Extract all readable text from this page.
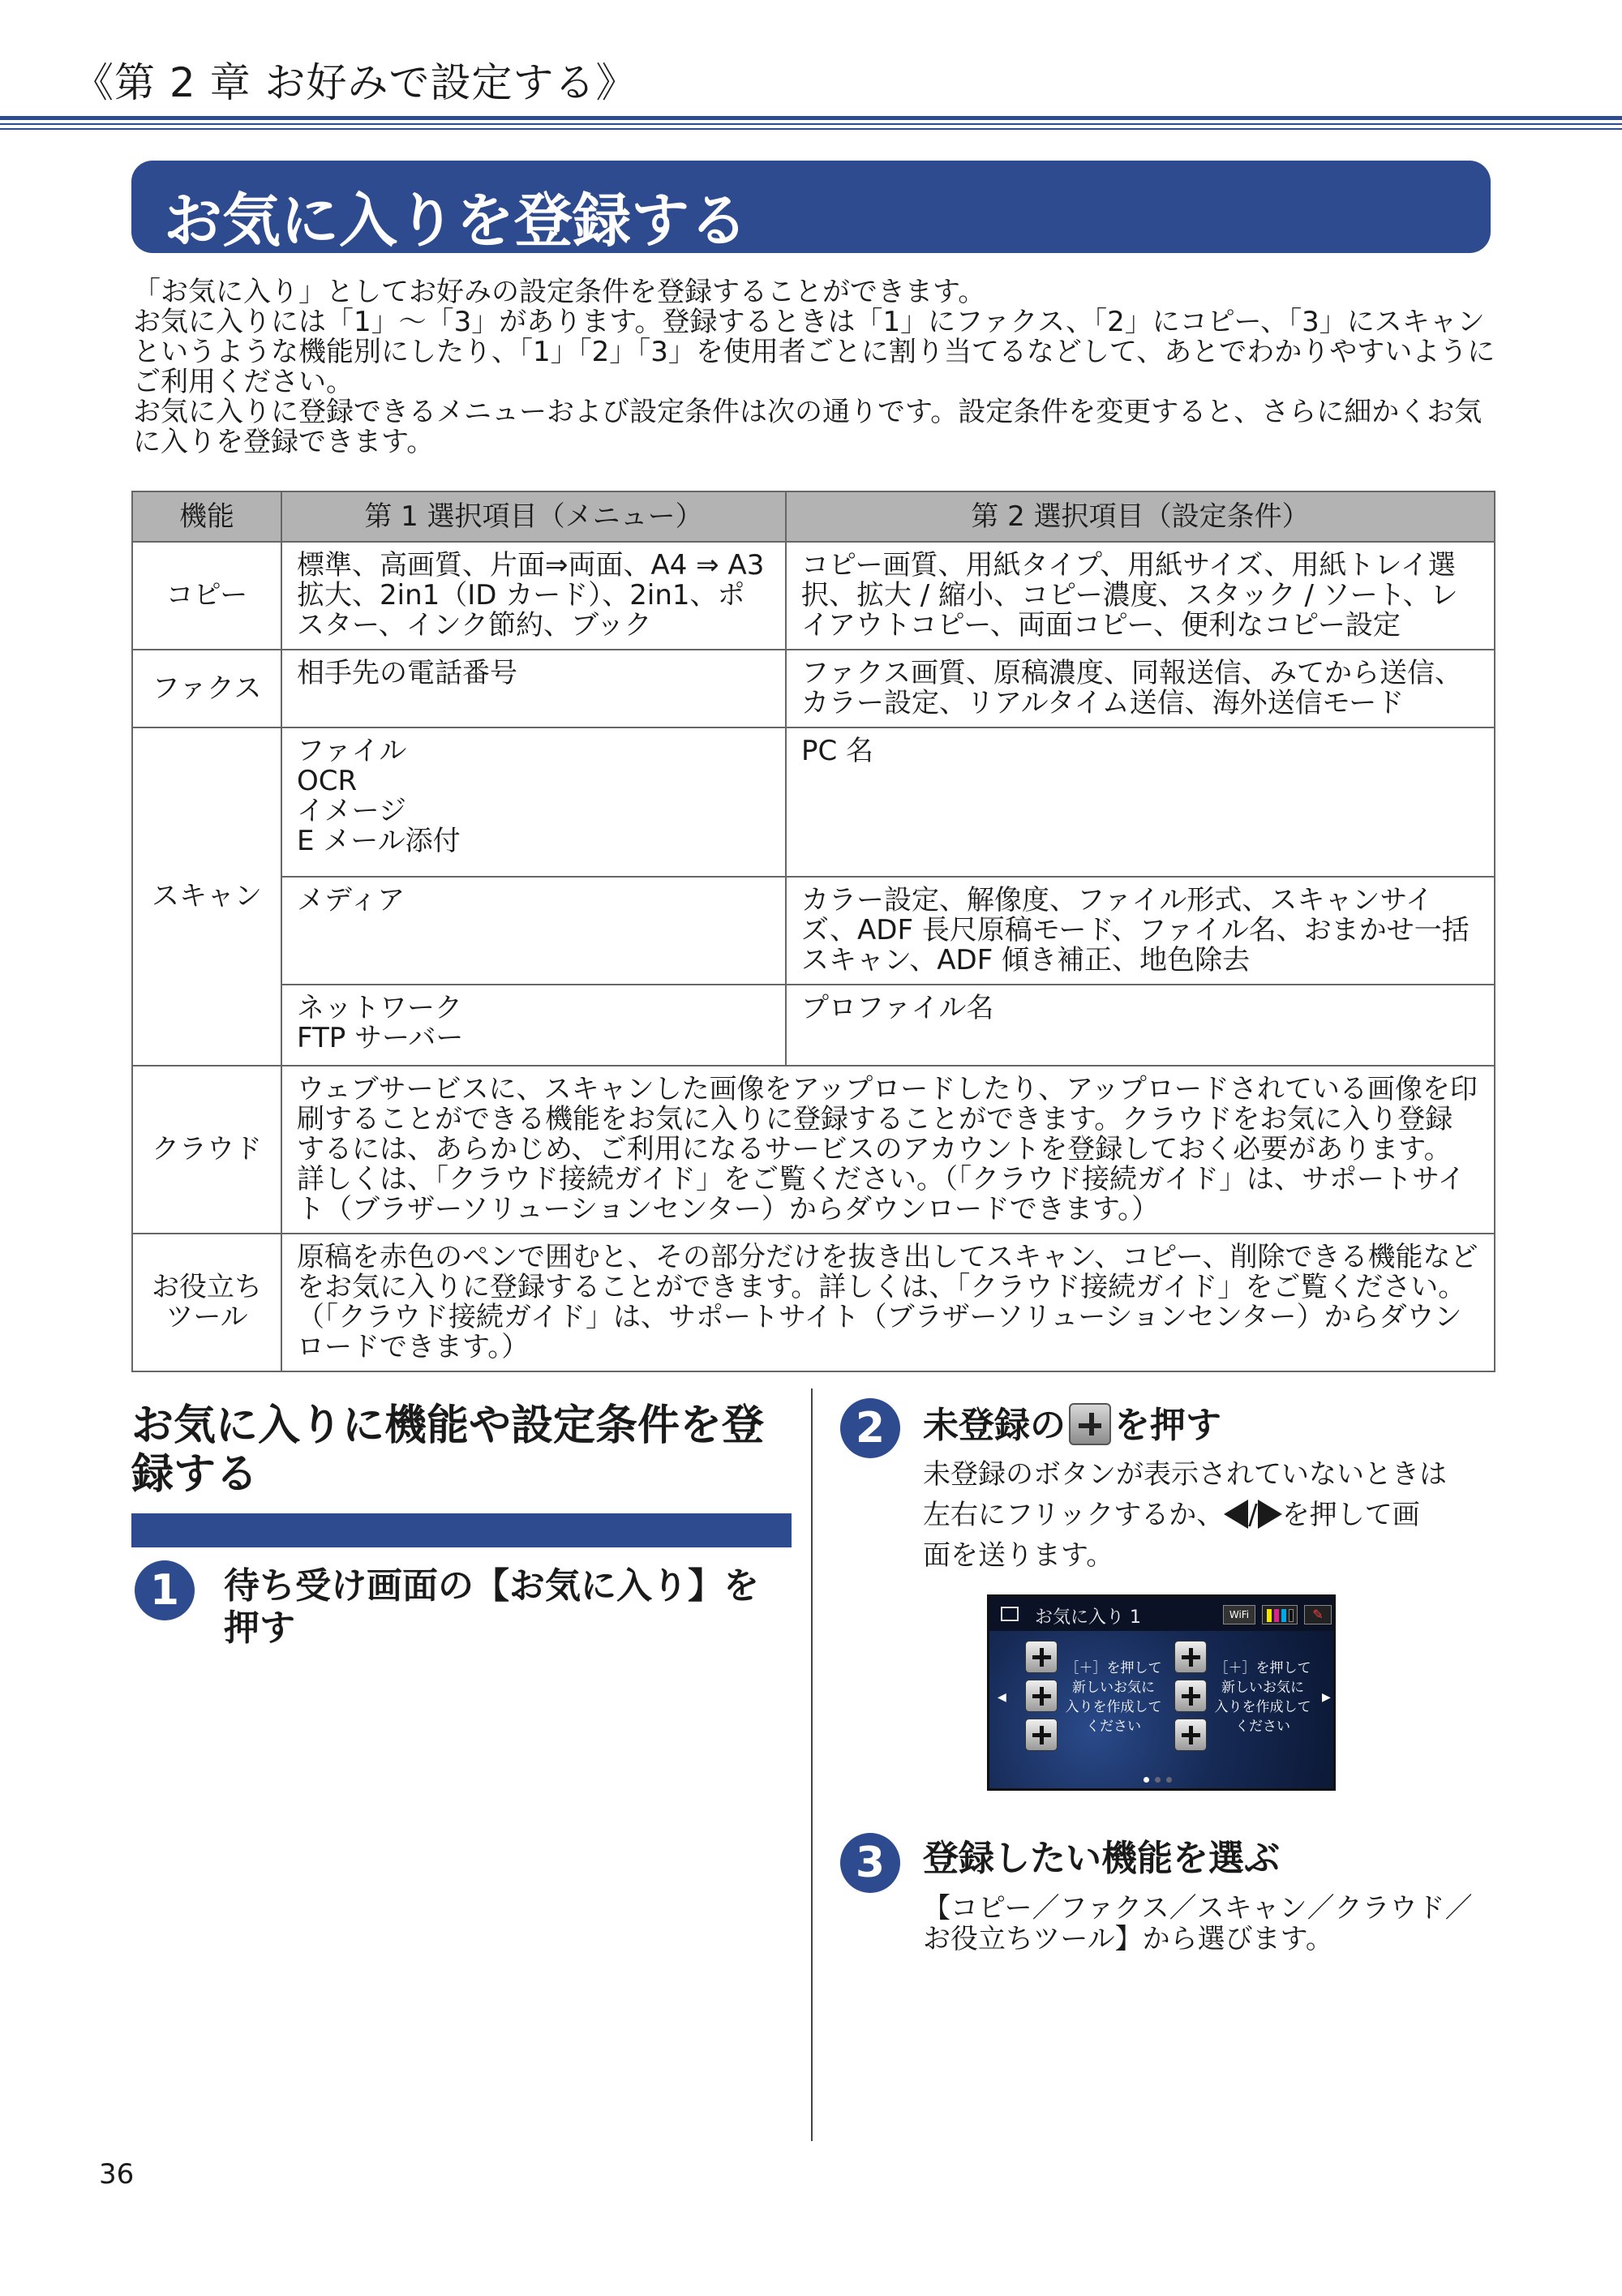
《第 2 章 お好みで設定する》
お気に入りを登録する

「お気に入り」としてお好みの設定条件を登録することができます。

お気に入りには「1」～「3」があります。登録するときは「1」にファクス、「2」にコピー、「3」にスキャンというような機能別にしたり、「1」「2」「3」を使用者ごとに割り当てるなどして、あとでわかりやすいようにご利用ください。

お気に入りに登録できるメニューおよび設定条件は次の通りです。設定条件を変更すると、さらに細かくお気に入りを登録できます。

機能	第 1 選択項目（メニュー）	第 2 選択項目（設定条件）
コピー	標準、高画質、片面⇒両面、A4 ⇒ A3 拡大、2in1（ID カード）、2in1、ポスター、インク節約、ブック	コピー画質、用紙タイプ、用紙サイズ、用紙トレイ選択、拡大 / 縮小、コピー濃度、スタック / ソート、レイアウトコピー、両面コピー、便利なコピー設定
ファクス	相手先の電話番号	ファクス画質、原稿濃度、同報送信、みてから送信、カラー設定、リアルタイム送信、海外送信モード
スキャン	ファイル
OCR
イメージ
E メール添付	PC 名
	メディア	カラー設定、解像度、ファイル形式、スキャンサイズ、ADF 長尺原稿モード、ファイル名、おまかせ一括スキャン、ADF 傾き補正、地色除去

	ネットワーク
FTP サーバー	プロファイル名
クラウド	ウェブサービスに、スキャンした画像をアップロードしたり、アップロードされている画像を印刷することができる機能をお気に入りに登録することができます。クラウドをお気に入り登録するには、あらかじめ、ご利用になるサービスのアカウントを登録しておく必要があります。
詳しくは、「クラウド接続ガイド」をご覧ください。（「クラウド接続ガイド」は、サポートサイト（ブラザーソリューションセンター）からダウンロードできます。）	

お役立ち
ツール	原稿を赤色のペンで囲むと、その部分だけを抜き出してスキャン、コピー、削除できる機能などをお気に入りに登録することができます。詳しくは、「クラウド接続ガイド」をご覧ください。（「クラウド接続ガイド」は、サポートサイト（ブラザーソリューションセンター）からダウンロードできます。）	
お気に入りに機能や設定条件を登録する
1	待ち受け画面の【お気に入り】を押す
2	未登録の を押す
未登録のボタンが表示されていないときは
左右にフリックするか、 / を押して画
面を送ります。
お気に入り 1	WiFi	✎
◀	▶
［＋］を押して
新しいお気に
入りを作成して
ください
［＋］を押して
新しいお気に
入りを作成して
ください
3	登録したい機能を選ぶ
【コピー／ファクス／スキャン／クラウド／
お役立ちツール】から選びます。
36
